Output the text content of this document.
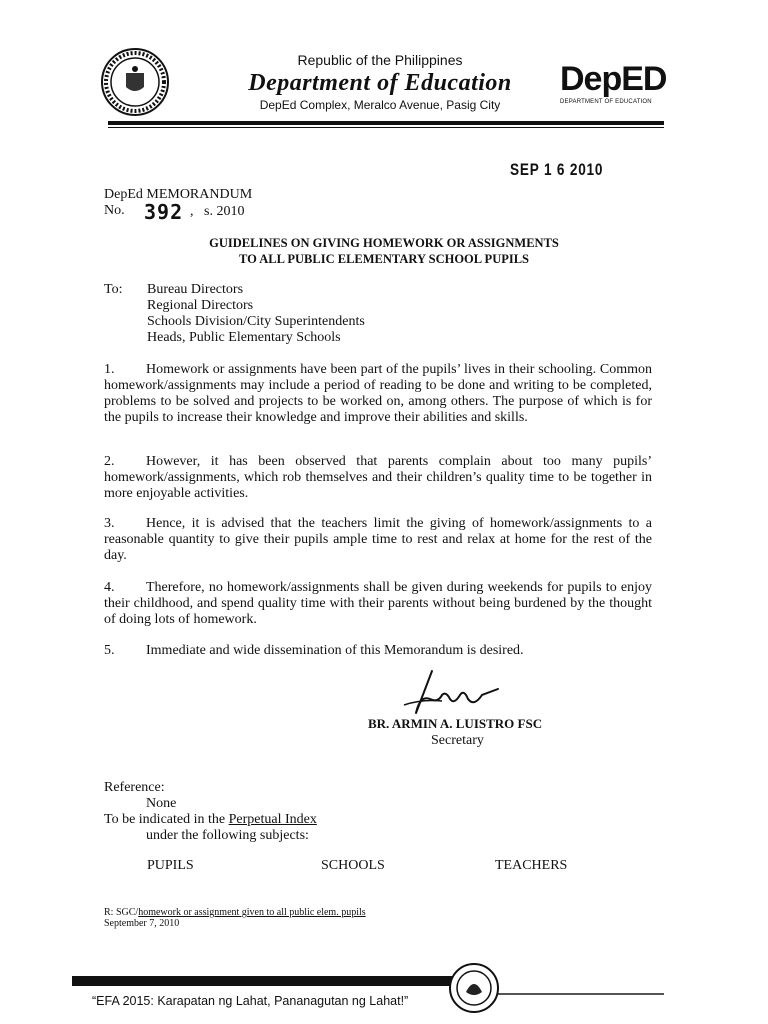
Republic of the Philippines
Department of Education
DepEd Complex, Meralco Avenue, Pasig City
DepED
DEPARTMENT OF EDUCATION
SEP 1 6 2010
DepEd MEMORANDUM
No. 392 ,   s. 2010
GUIDELINES ON GIVING HOMEWORK OR ASSIGNMENTS
TO ALL PUBLIC ELEMENTARY SCHOOL PUPILS
To: Bureau Directors
Regional Directors
Schools Division/City Superintendents
Heads, Public Elementary Schools
1. Homework or assignments have been part of the pupils’ lives in their schooling. Common homework/assignments may include a period of reading to be done and writing to be completed, problems to be solved and projects to be worked on, among others. The purpose of which is for the pupils to increase their knowledge and improve their abilities and skills.
2. However, it has been observed that parents complain about too many pupils’ homework/assignments, which rob themselves and their children’s quality time to be together in more enjoyable activities.
3. Hence, it is advised that the teachers limit the giving of homework/assignments to a reasonable quantity to give their pupils ample time to rest and relax at home for the rest of the day.
4. Therefore, no homework/assignments shall be given during weekends for pupils to enjoy their childhood, and spend quality time with their parents without being burdened by the thought of doing lots of homework.
5. Immediate and wide dissemination of this Memorandum is desired.
BR. ARMIN A. LUISTRO FSC
Secretary
Reference:
None
To be indicated in the Perpetual Index
under the following subjects:
PUPILS	SCHOOLS	TEACHERS
R: SGC/homework or assignment given to all public elem. pupils
September 7, 2010
“EFA 2015: Karapatan ng Lahat, Pananagutan ng Lahat!”
